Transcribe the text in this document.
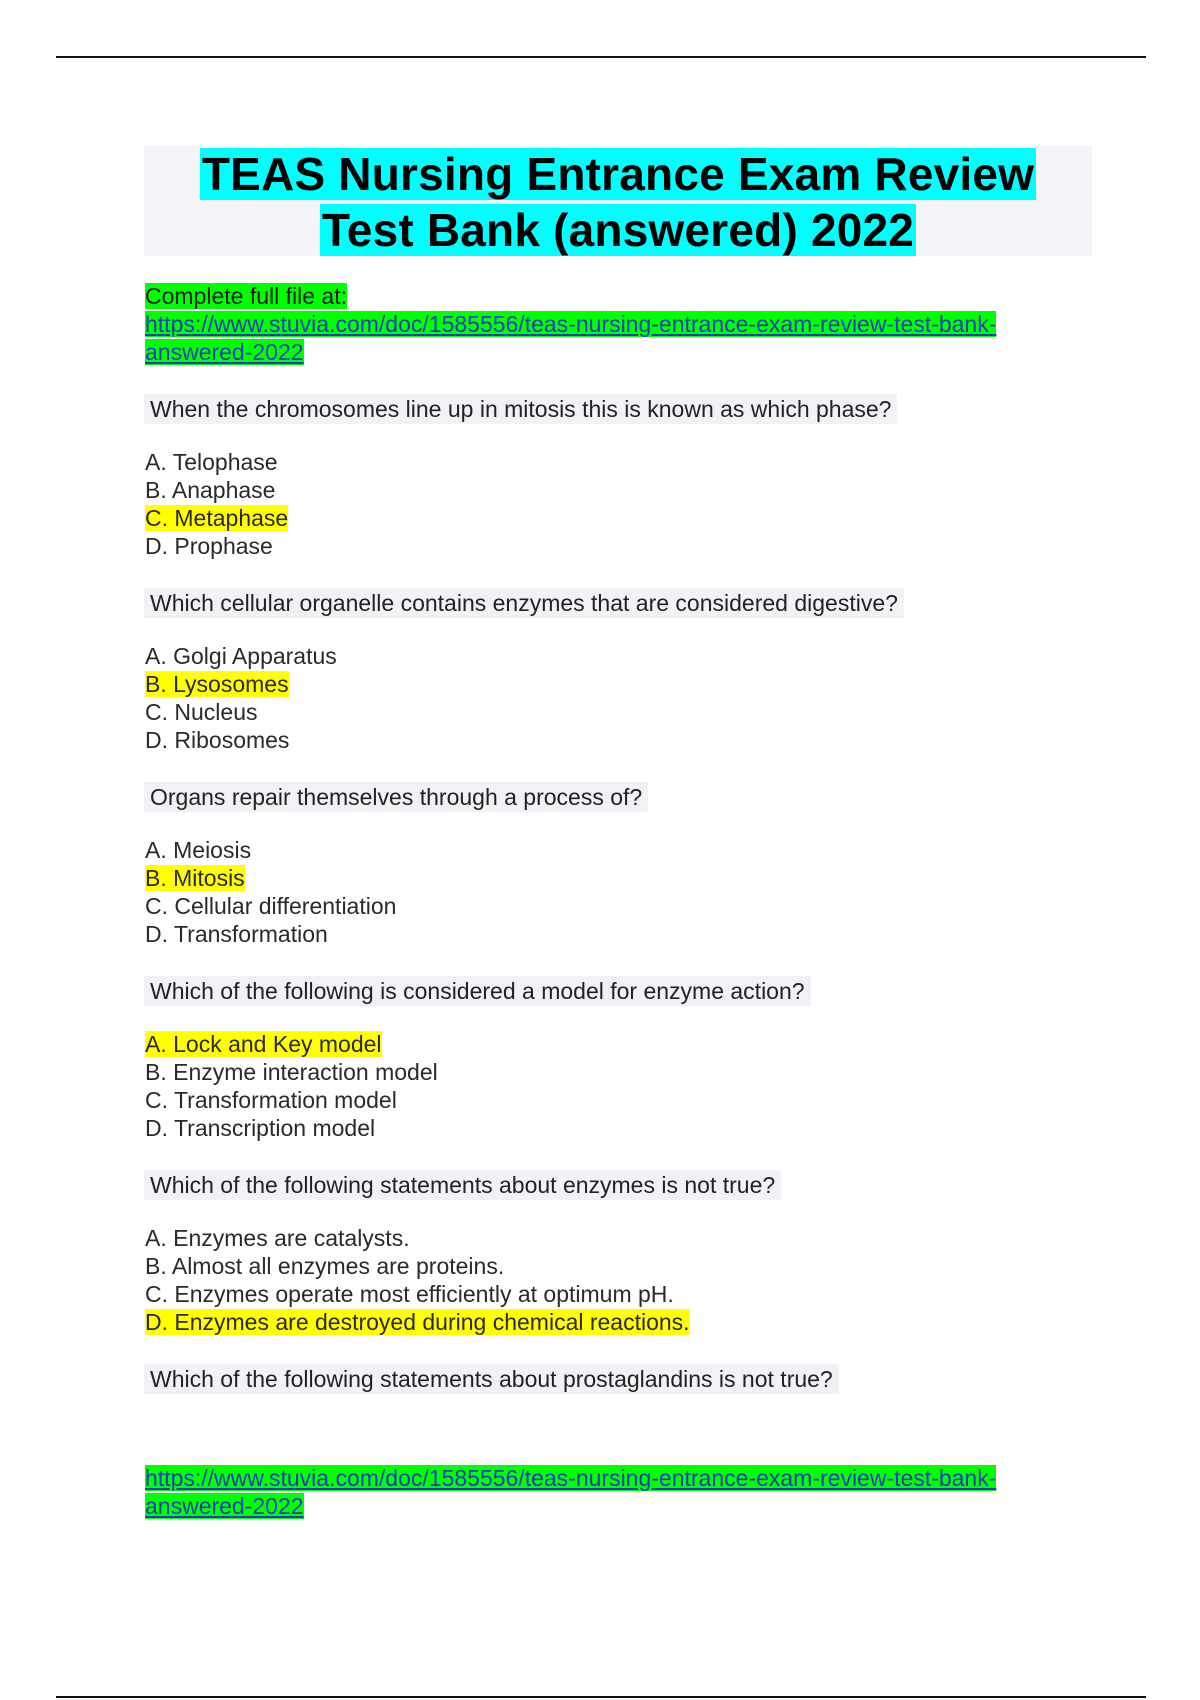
TEAS Nursing Entrance Exam Review
Test Bank (answered) 2022
Complete full file at:
https://www.stuvia.com/doc/1585556/teas-nursing-entrance-exam-review-test-bank-
answered-2022
When the chromosomes line up in mitosis this is known as which phase?
A. Telophase
B. Anaphase
C. Metaphase
D. Prophase
Which cellular organelle contains enzymes that are considered digestive?
A. Golgi Apparatus
B. Lysosomes
C. Nucleus
D. Ribosomes
Organs repair themselves through a process of?
A. Meiosis
B. Mitosis
C. Cellular differentiation
D. Transformation
Which of the following is considered a model for enzyme action?
A. Lock and Key model
B. Enzyme interaction model
C. Transformation model
D. Transcription model
Which of the following statements about enzymes is not true?
A. Enzymes are catalysts.
B. Almost all enzymes are proteins.
C. Enzymes operate most efficiently at optimum pH.
D. Enzymes are destroyed during chemical reactions.
Which of the following statements about prostaglandins is not true?
https://www.stuvia.com/doc/1585556/teas-nursing-entrance-exam-review-test-bank-
answered-2022
